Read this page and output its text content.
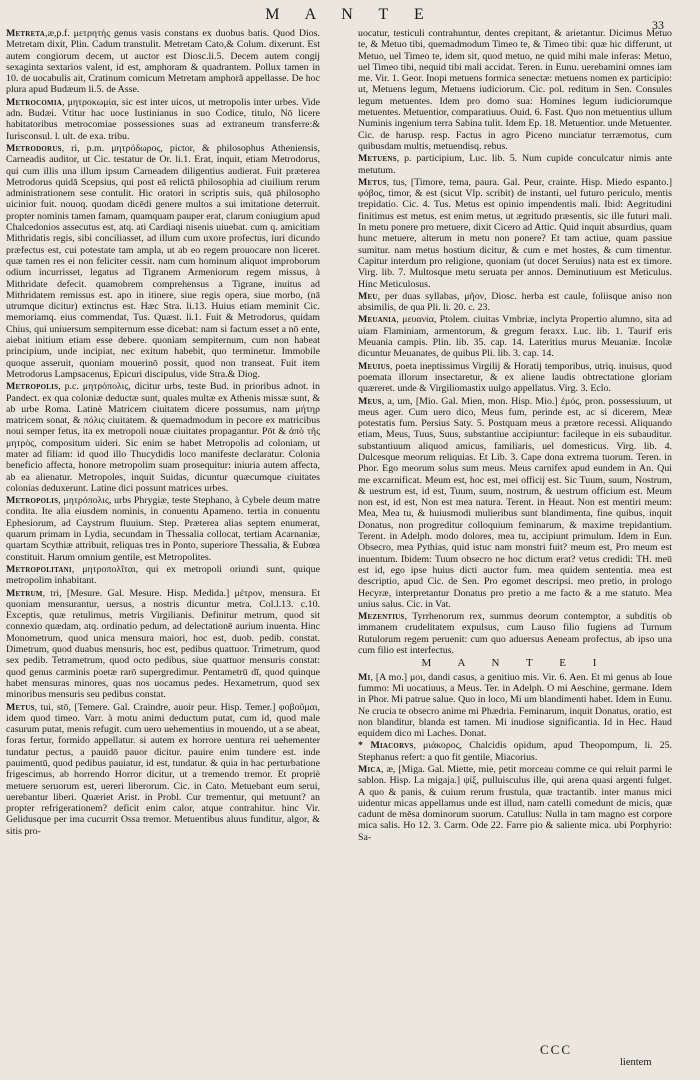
M A N T E
33

Metreta,æ,p.f. μετρητής genus vasis constans ex duobus batis. Quod Dios. Metretam dixit, Plin. Cadum transtulit. Metretam Cato,& Colum. dixerunt. Est autem congiorum decem, ut auctor est Diosc.li.5. Decem autem congij sexaginta sextarios valent, id est, amphoram & quadrantem. Pollux tamen in 10. de uocabulis ait, Cratinum comicum Metretam amphorâ appellasse. De hoc plura apud Budæum li.5. de Asse.

Metrocomia, μητροκωμία, sic est inter uicos, ut metropolis inter urbes. Vide adn. Budæi. Vtitur hac uoce Iustinianus in suo Codice, titulo, Nō licere habitatoribus metrocomiae possessiones suas ad extraneum transferre:& Iurisconsul. l. ult. de exa. tribu.

Metrodorus, ri, p.m. μητρόδωρος, pictor, & philosophus Atheniensis, Carneadis auditor, ut Cic. testatur de Or. li.1. Erat, inquit, etiam Metrodorus, qui cum illis una illum ipsum Carneadem diligentius audierat. Fuit præterea Metrodorus quidā Scepsius, qui post eā relictā philosophia ad ciuilium rerum administrationem sese contulit. Hic oratori in scriptis suis, quā philosopho uicinior fuit. nouoq. quodam dicēdi genere multos a sui imitatione deterruit. propter nominis tamen famam, quamquam pauper erat, clarum coniugium apud Chalcedonios assecutus est, atq. ati Cardiaqi nisenis uiuebat. cum q. amicitiam Mithridatis regis, sibi conciliasset, ad illum cum uxore profectus, iuri dicundo præfectus est, cui potestate tam ampla, ut ab eo regem prouocare non liceret. quæ tamen res ei non feliciter cessit. nam cum hominum aliquot improborum odium incurrisset, legatus ad Tigranem Armeniorum regem missus, à Mithridate defecit. quamobrem comprehensus a Tigrane, inuitus ad Mithridatem remissus est. apo in itinere, siue regis opera, siue morbo, (nā utrumque dicitur) extinctus est. Hæc Stra. li.13. Huius etiam meminit Cic. memoriamq. eius commendat, Tus. Quæst. li.1. Fuit & Metrodorus, quidam Chius, qui uniuersum sempiternum esse dicebat: nam si factum esset a nō ente, aiebat initium etiam esse debere. quoniam sempiternum, cum non habeat principium, unde incipiat, nec exitum habebit, quo terminetur. Immobile quoque asseruit, quoniam mouerinō possit, quod non transeat. Fuit item Metrodorus Lampsacenus, Epicuri discipulus, vide Stra.& Diog.

Metropolis, p.c. μητρόπολις, dicitur urbs, teste Bud. in prioribus adnot. in Pandect. ex qua coloniæ deductæ sunt, quales multæ ex Athenis missæ sunt, & ab urbe Roma. Latinè Matricem ciuitatem dicere possumus, nam μήτηρ matricem sonat, & πόλις ciuitatem. & quemadmodum in pecore ex matricibus noui semper fetus, ita ex metropoli nouæ ciuitates propagantur. Pōt & ἀπὸ τῆς μητρὸς, compositum uideri. Sic enim se habet Metropolis ad coloniam, ut mater ad filiam: id quod illo Thucydidis loco manifeste declaratur. Colonia beneficio affecta, honore metropolim suam prosequitur: iniuria autem affecta, ab ea alienatur. Metropoles, inquit Suidas, dicuntur quæcumque ciuitates colonias deduxerunt. Latine dici possunt matrices urbes.

Metropolis, μητρόπολις, urbs Phrygiæ, teste Stephano, à Cybele deum matre condita. Ite alia eiusdem nominis, in conuentu Apameno. tertia in conuentu Ephesiorum, ad Caystrum fluuium. Step. Præterea alias septem enumerat, quarum primam in Lydia, secundam in Thessalia collocat, tertiam Acarnaniæ, quartam Scythiæ attribuit, reliquas tres in Ponto, superiore Thessalia, & Eubœa constituit. Harum omnium gentile, est Metropolites.

Metropolitani, μητροπολῖται, qui ex metropoli oriundi sunt, quique metropolim inhabitant.

Metrum, tri, [Mesure. Gal. Mesure. Hisp. Medida.] μέτρον, mensura. Et quoniam mensurantur, uersus, a nostris dicuntur metra. Col.l.13. c.10. Exceptis, quæ retulimus, metris Virgilianis. Definitur metrum, quod sit connexio quædam, atq. ordinatio pedum, ad delectationē aurium inuenta. Hinc Monometrum, quod unica mensura maiori, hoc est, duob. pedib. constat. Dimetrum, quod duabus mensuris, hoc est, pedibus quattuor. Trimetrum, quod sex pedib. Tetrametrum, quod octo pedibus, siue quattuor mensuris constat: quod genus carminis poetæ rarō supergredimur. Pentametrū dī, quod quinque habet mensuras minores, quas nos uocamus pedes. Hexametrum, quod sex minoribus mensuris seu pedibus constat.

Metus, tui, stō, [Temere. Gal. Craindre, auoir peur. Hisp. Temer.] φοβοῦμαι, idem quod timeo. Varr. à motu animi deductum putat, cum id, quod male casurum putat, menis refugit. cum uero uehementius in mouendo, ut a se abeat, foras fertur, formido appellatur. si autem ex horrore uentura rei uehementer tundatur pectus, a pauidō pauor dicitur. pauire enim tundere est. inde pauimentū, quod pedibus pauiatur, id est, tundatur. & quia in hac perturbatione frigescimus, ab horrendo Horror dicitur, ut a tremendo tremor. Et propriè metuere seruorum est, uereri liberorum. Cic. in Cato. Metuebant eum serui, uerebantur liberi. Quæriet Arist. in Probl. Cur trementur, qui metuunt? an propter refrigerationem? deficit enim calor, atque contrahitur. hinc Vir. Gelidusque per ima cucurrit Ossa tremor. Metuentibus aluus funditur, algor, & sitis pro-

uocatur, testiculi contrahuntur, dentes crepitant, & arietantur. Dicimus Metuo te, & Metuo tibi, quemadmodum Timeo te, & Timeo tibi: quæ hic differunt, ut Metuo, uel Timeo te, idem sit, quod metuo, ne quid mihi male inferas: Metuo, uel Timeo tibi, nequid tibi mali accidat. Teren. in Eunu. uerebamini omnes iam me. Vir. 1. Geor. Inopi metuens formica senectæ: metuens nomen ex participio: ut, Metuens legum, Metuens iudiciorum. Cic. pol. reditum in Sen. Consules legum metuentes. Idem pro domo sua: Homines legum iudiciorumque metuentes. Metuentior, comparatiuus. Ouid. 6. Fast. Quo non metuentius ullum Numinis ingenium terra Sabina tulit. Idem Ep. 18. Metuentior. unde Metuenter. Cic. de harusp. resp. Factus in agro Piceno nunciatur terræmotus, cum quibusdam multis, metuendisq. rebus.

Metuens, p. participium, Luc. lib. 5. Num cupide conculcatur nimis ante metutum.

Metus, tus, [Timore, tema, paura. Gal. Peur, crainte. Hisp. Miedo espanto.] φόβος, timor, & est (sicut Vlp. scribit) de instanti, uel futuro periculo, mentis trepidatio. Cic. 4. Tus. Metus est opinio impendentis mali. Ibid: Aegritudini finitimus est metus. est enim metus, ut ægritudo præsentis, sic ille futuri mali. In metu ponere pro metuere, dixit Cicero ad Attic. Quid inquit absurdius, quam hunc metuere, alterum in metu non ponere? Et tam actiue, quam passiue sumitur. nam metus hostium dicitur, & cum e met hostes, & cum timentur. Capitur interdum pro religione, quoniam (ut docet Seruius) nata est ex timore. Virg. lib. 7. Multosque metu seruata per annos. Deminutiuum est Meticulus. Hinc Meticulosus.

Meu, per duas syllabas, μῆον, Diosc. herba est caule, foliisque aniso non absimilis, de qua Pli. li. 20. c. 23.

Meuania, μευανία, Ptolem. ciuitas Vmbriæ, inclyta Propertio alumno, sita ad uiam Flaminiam, armentorum, & gregum feraxx. Luc. lib. 1. Taurif eris Meuania campis. Plin. lib. 35. cap. 14. Lateritius murus Meuaniæ. Incolæ dicuntur Meuanates, de quibus Pli. lib. 3. cap. 14.

Meuius, poeta ineptissimus Virgilij & Horatij temporibus, utriq. inuisus, quod poemata illorum insectaretur, & ex aliene laudis obtrectatione gloriam quæreret. unde & Virgiliomastix uulgo appellatus. Virg. 3. Eclo.

Meus, a, um, [Mio. Gal. Mien, mon. Hisp. Mio.] ἐμός, pron. possessiuum, ut meus ager. Cum uero dico, Meus fum, perinde est, ac si dicerem, Meæ potestatis fum. Persius Saty. 5. Postquam meus a prætore recessi. Aliquando etiam, Meus, Tuus, Suus, substantiue accipiuntur: facileque in eis subauditur. substantiuum aliquod amicus, familiaris, uel domesticus. Virg. lib. 4. Dulcesque meorum reliquias. Et Lib. 3. Cape dona extrema tuorum. Teren. in Phor. Ego meorum solus sum meus. Meus carnifex apud eundem in An. Qui me excarnificat. Meum est, hoc est, mei officij est. Sic Tuum, suum, Nostrum, & uestrum est, id est, Tuum, suum, nostrum, & uestrum officium est. Meum non est, id est, Non est mea natura. Terent. in Heaut. Non est mentiri meum: Mea, Mea tu, & huiusmodi mulieribus sunt blandimenta, fine quibus, inquit Donatus, non progreditur colloquium feminarum, & maxime trepidantium. Terent. in Adelph. modo dolores, mea tu, accipiunt primulum. Idem in Eun. Obsecro, mea Pythias, quid istuc nam monstri fuit? meum est, Pro meum est inuentum. Ibidem: Tuum obsecro ne hoc dictum erat? vetus credidi: TH. meū est id, ego ipse huius dicti auctor fum. mea quidem sententia. mea est descriptio, apud Cic. de Sen. Pro egomet descripsi. meo pretio, in prologo Hecyræ, interpretantur Donatus pro pretio a me facto & a me statuto. Mea unius salus. Cic. in Vat.

Mezentius, Tyrrhenorum rex, summus deorum contemptor, a subditis ob immanem crudelitatem expulsus, cum Lauso filio fugiens ad Turnum Rutulorum regem peruenit: cum quo aduersus Aeneam profectus, ab ipso una cum filio est interfectus.

M A N T E I

Mi, [A mo.] μοι, dandi casus, a genitiuo mis. Vir. 6. Aen. Et mi genus ab Ioue fummo: Mi uocatiuus, a Meus. Ter. in Adelph. O mi Aeschine, germane. Idem in Phor. Mi patrue salue. Quo in loco, Mi um blandimenti habet. Idem in Eunu. Ne crucia te obsecro anime mi Phædria. Feminarum, inquit Donatus, oratio, est non blanditur, blanda est tamen. Mi inudiose significantia. Id in Hec. Haud equidem dico mi Laches. Donat.

* Miacorvs, μιάκορος, Chalcidis opidum, apud Theopompum, li. 25. Stephanus refert: a quo fit gentile, Miacorius.

Mica, æ, [Miga. Gal. Miette, mie, petit morceau comme ce qui reluit parmi le sablon. Hisp. La migaja.] ψίξ, pulluisculus ille, qui arena quasi argenti fulget. A quo & panis, & cuium rerum frustula, quæ tractantib. inter manus mici uidentur micas appellamus unde est illud, nam catelli comedunt de micis, quæ cadunt de mēsa dominorum suorum. Catullus: Nulla in tam magno est corpore mica salis. Ho 12. 3. Carm. Ode 22. Farre pio & saliente mica. ubi Porphyrio: Sa-

CCC
lientem
